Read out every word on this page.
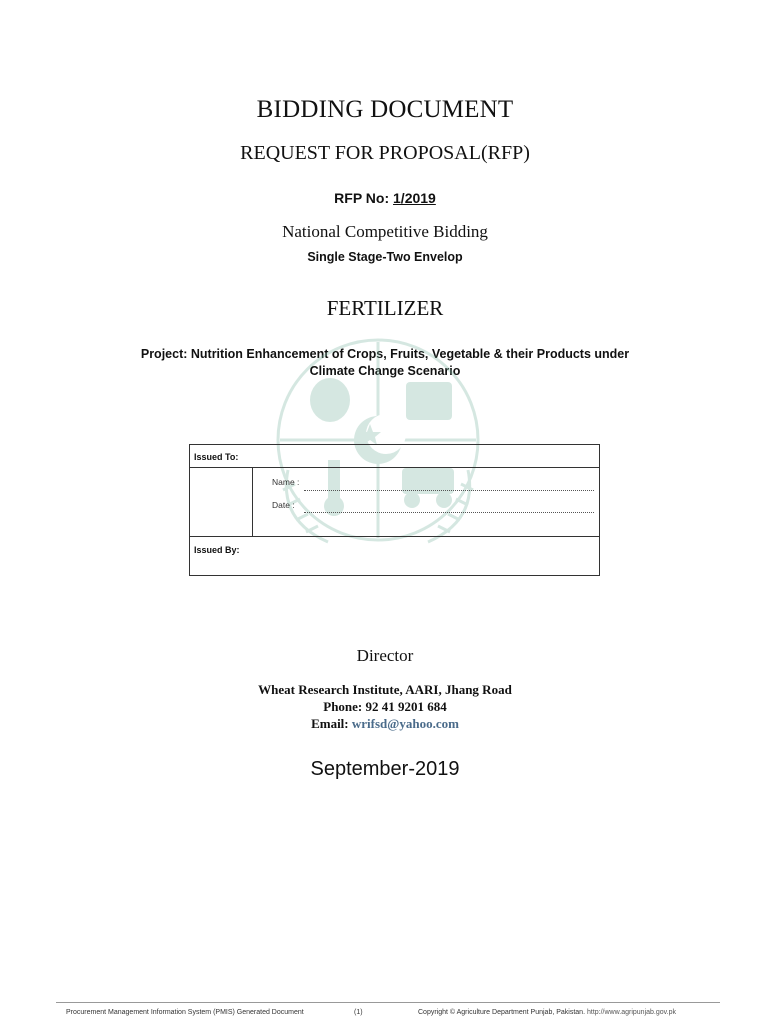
BIDDING DOCUMENT
REQUEST FOR PROPOSAL(RFP)
RFP No: 1/2019
National Competitive Bidding
Single Stage-Two Envelop
FERTILIZER
Project: Nutrition Enhancement of Crops, Fruits, Vegetable & their Products under
Climate Change Scenario
Issued To:
Name :
Date :
Issued By:
Director
Wheat Research Institute, AARI, Jhang Road
Phone: 92 41 9201 684
Email: wrifsd@yahoo.com
September-2019
Procurement Management Information System (PMIS) Generated Document	(1)	Copyright © Agriculture Department Punjab, Pakistan. http://www.agripunjab.gov.pk
